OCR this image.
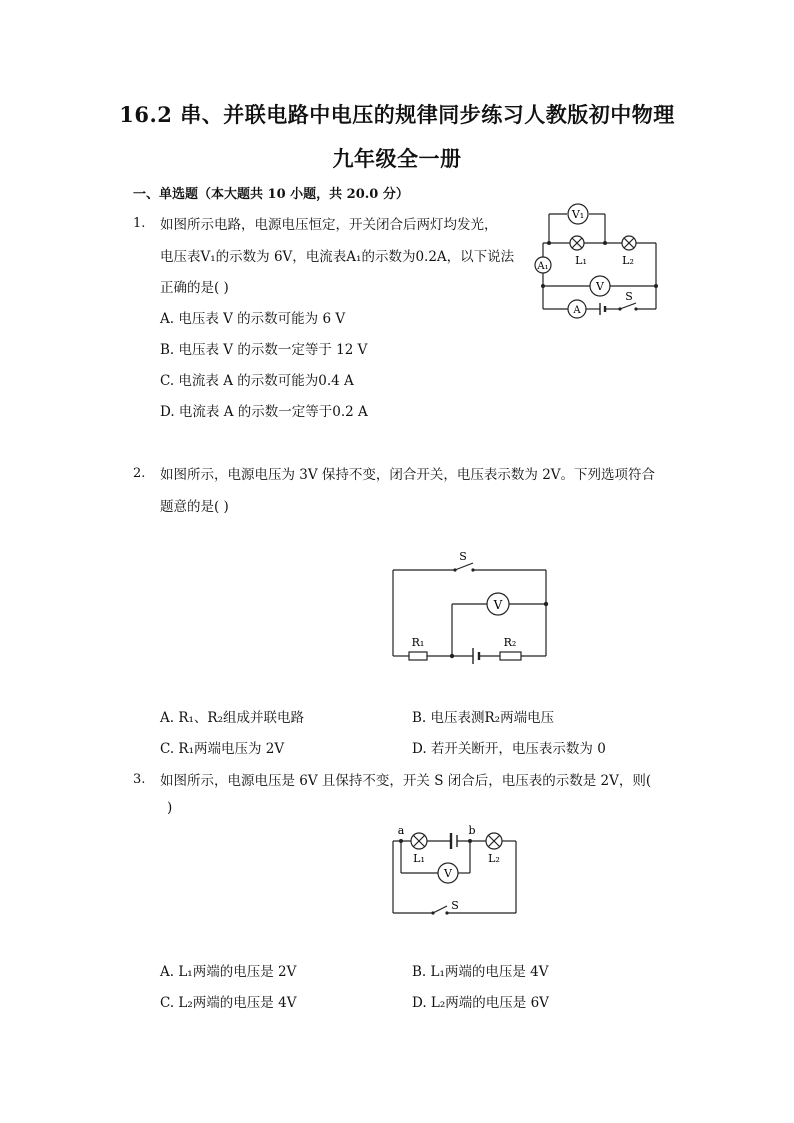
16.2 串、并联电路中电压的规律同步练习人教版初中物理
九年级全一册
一、单选题（本大题共 10 小题，共 20.0 分）
1. 如图所示电路，电源电压恒定，开关闭合后两灯均发光，
电压表V₁的示数为 6V，电流表A₁的示数为0.2A，以下说法
正确的是( )
A. 电压表 V 的示数可能为 6 V
B. 电压表 V 的示数一定等于 12 V
C. 电流表 A 的示数可能为0.4 A
D. 电流表 A 的示数一定等于0.2 A
V₁
A₁
V
A
L₁	L₂
S
2. 如图所示，电源电压为 3V 保持不变，闭合开关，电压表示数为 2V。下列选项符合
题意的是( )
S
V
R₁	R₂
A. R₁、R₂组成并联电路	B. 电压表测R₂两端电压
C. R₁两端电压为 2V	D. 若开关断开，电压表示数为 0
3. 如图所示，电源电压是 6V 且保持不变，开关 S 闭合后，电压表的示数是 2V，则(
)
a	b
L₁	L₂
V
S
A. L₁两端的电压是 2V	B. L₁两端的电压是 4V
C. L₂两端的电压是 4V	D. L₂两端的电压是 6V
